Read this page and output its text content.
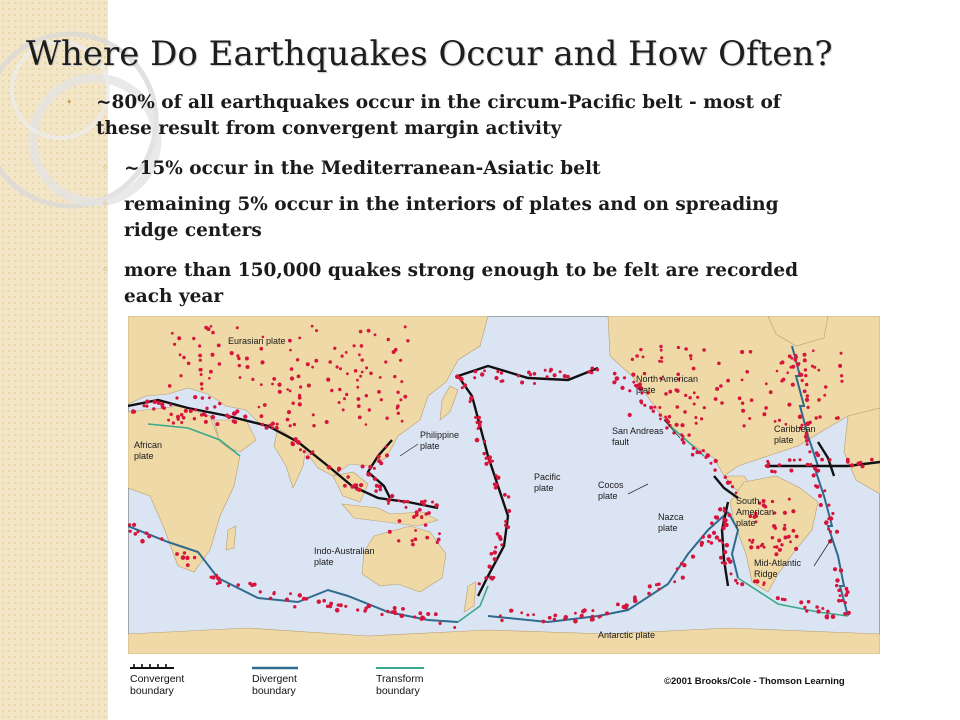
Where Do Earthquakes Occur and How Often?
• ~80% of all earthquakes occur in the circum-Pacific belt - most of
these result from convergent margin activity
◦ ~15% occur in the Mediterranean-Asiatic belt
◦ remaining 5% occur in the interiors of plates and on spreading
ridge centers
◦ more than 150,000 quakes strong enough to be felt are recorded
each year
Eurasian plate
African
plate
Philippine
plate
San Andreas
fault
Pacific
plate
North American
plate
Caribbean
plate
Cocos
plate
Nazca
plate
South
American
plate
Indo-Australian
plate	Mid-Atlantic
Ridge
Antarctic plate
Convergent
boundary
Divergent
boundary
Transform
boundary
©2001 Brooks/Cole - Thomson Learning
